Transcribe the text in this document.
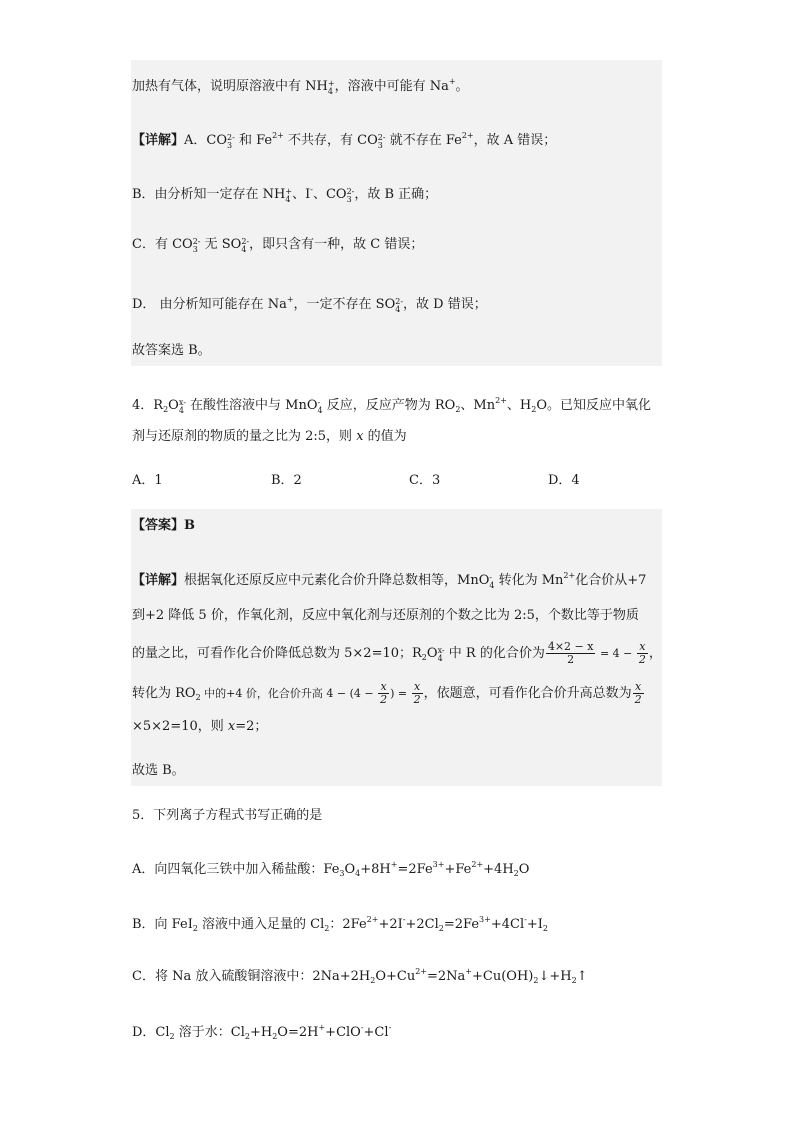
加热有气体，说明原溶液中有 NH +
4 ，溶液中可能有 Na+。
【详解】A．CO 2-
3 和 $Fe^{2+}$ 不共存，有 CO 2-
3 就不存在 $Fe^{2+}$，故 A 错误；
B．由分析知一定存在 NH +
4 、I-、CO 2-
3 ，故 B 正确；
C．有 CO 2-
3 无 SO 2-
4 ，即只含有一种，故 C 错误；
D． 由分析知可能存在 Na+，一定不存在 SO 2-
4 ，故 D 错误；
故答案选 B。
4．$R_2O$ x-
4 在酸性溶液中与 MnO -
4 反应，反应产物为 $RO_2$、$Mn^{2+}$、$H_2O$。已知反应中氧化
剂与还原剂的物质的量之比为 2:5，则 x 的值为
A．1	B．2	C．3	D．4
【答案】B
【详解】根据氧化还原反应中元素化合价升降总数相等，MnO -
4 转化为 $Mn^{2+}$化合价从+7
到+2 降低 5 价，作氧化剂，反应中氧化剂与还原剂的个数之比为 2:5，个数比等于物质
的量之比，可看作化合价降低总数为 5×2=10；$R_2O$ x-
4 中 R 的化合价为 $\frac{4\times 2 - x}{2} = 4 - \frac{x}{2}$ ，
转化为 $RO_2$ 中的+4 价，化合价升高 $4 - (4 - \frac{x}{2}$ ) = $\frac{x}{2}$ ，依题意，可看作化合价升高总数为 $\frac{x}{2}$
×5×2=10，则 x=2；
故选 B。
5．下列离子方程式书写正确的是
A．向四氧化三铁中加入稀盐酸：$Fe_3O_4+8H^+=2Fe^{3+}+Fe^{2+}+4H_2O$
B．向 FeI$_2$ 溶液中通入足量的 $Cl_2$：$2Fe^{2+}+2I^-+2Cl_2=2Fe^{3+}+4Cl^-+I_2$
C．将 Na 放入硫酸铜溶液中：$2Na+2H_2O+Cu^{2+}=2Na^++Cu(OH)_2↓+H_2↑$
D．$Cl_2$ 溶于水：$Cl_2+H_2O=2H^++ClO^-+Cl^-$
